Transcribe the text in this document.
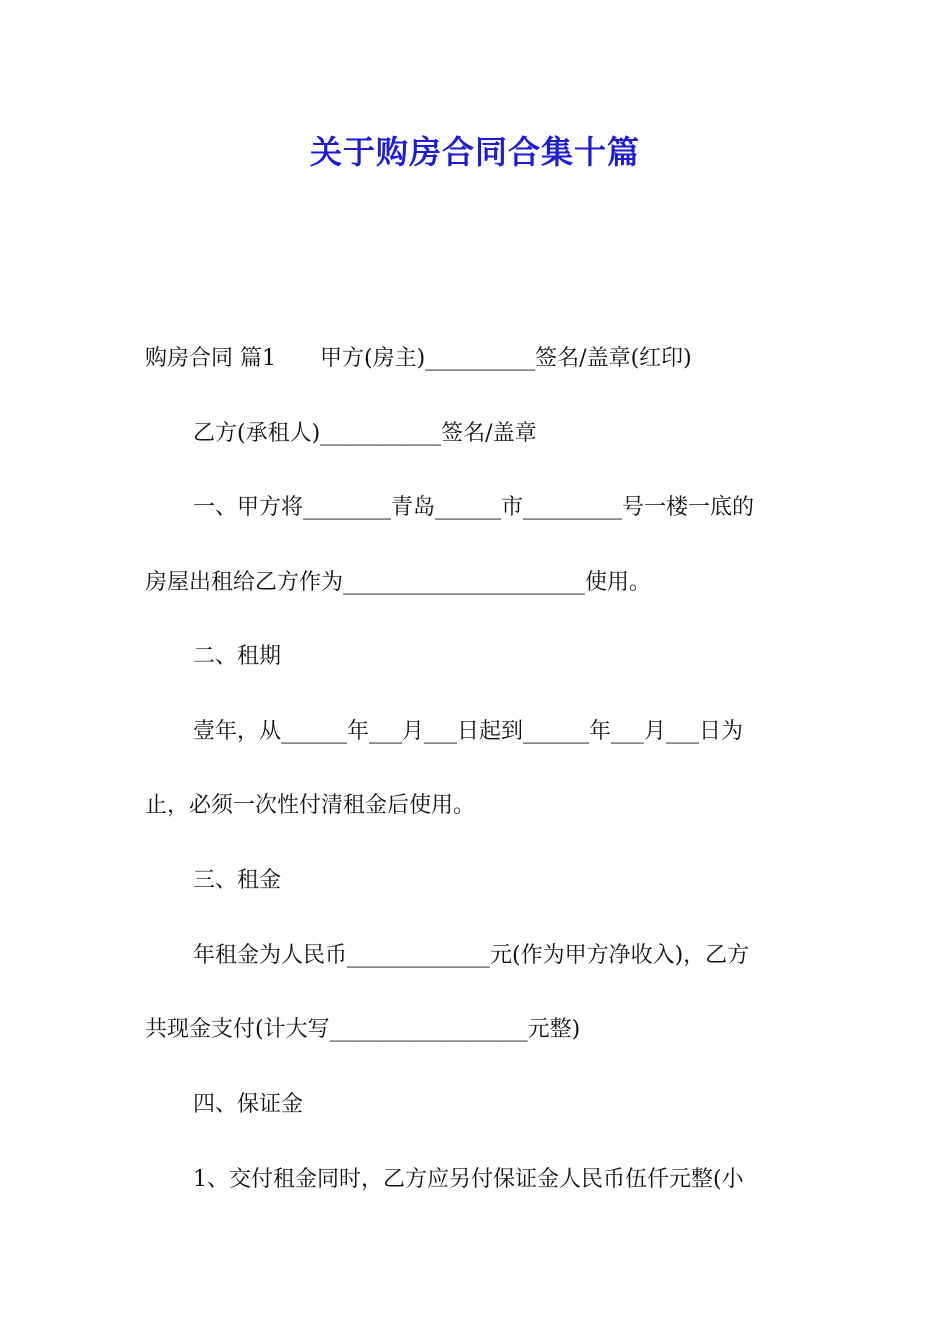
关于购房合同合集十篇

购房合同 篇1 甲方(房主)__________签名/盖章(红印)

乙方(承租人)___________签名/盖章

一、甲方将________青岛______市_________号一楼一底的

房屋出租给乙方作为______________________使用。

二、租期

壹年，从______年___月___日起到______年___月___日为

止，必须一次性付清租金后使用。

三、租金

年租金为人民币_____________元(作为甲方净收入)，乙方

共现金支付(计大写__________________元整)

四、保证金

1、交付租金同时，乙方应另付保证金人民币伍仟元整(小
